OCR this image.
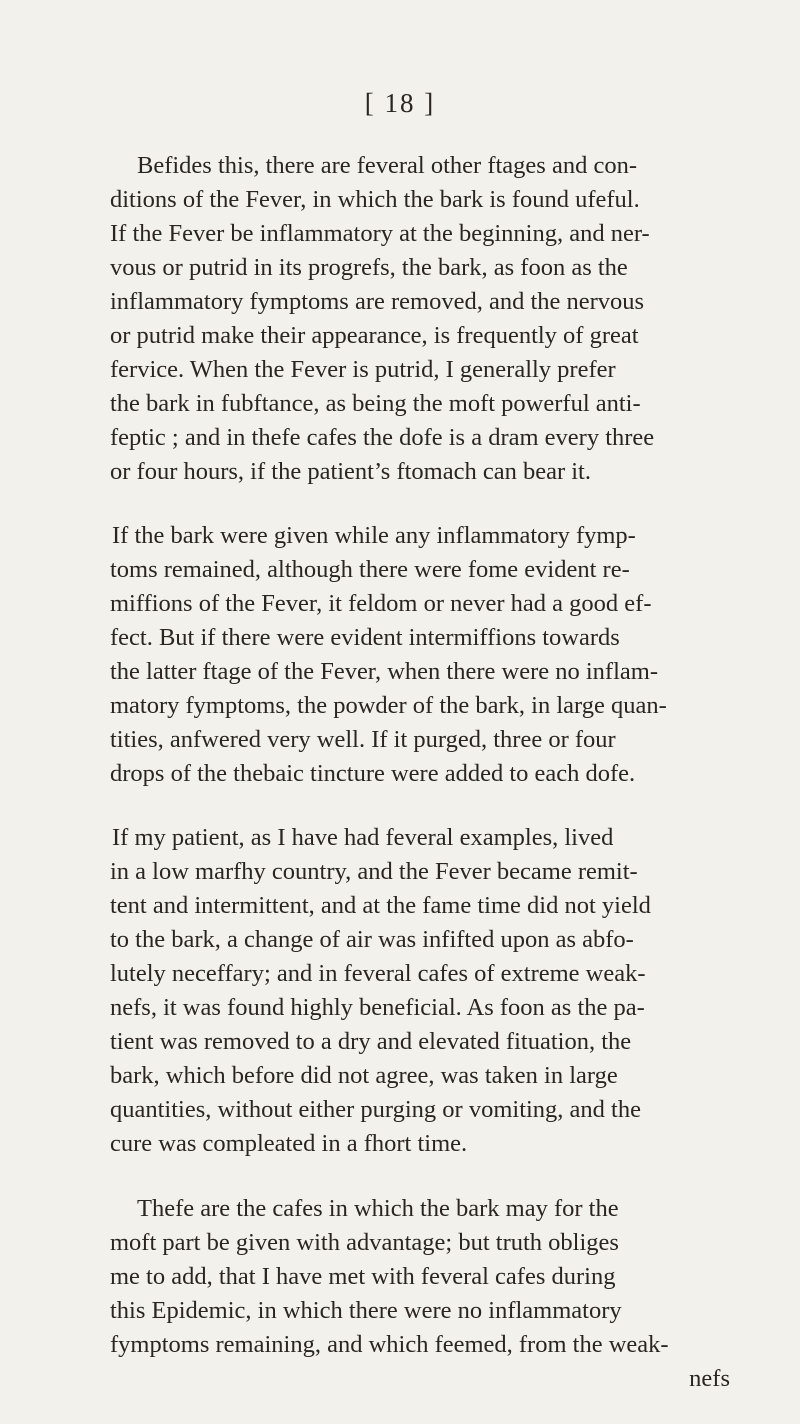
[ 18 ]
Befides this, there are feveral other ftages and con-
ditions of the Fever, in which the bark is found ufeful.
If the Fever be inflammatory at the beginning, and ner-
vous or putrid in its progrefs, the bark, as foon as the
inflammatory fymptoms are removed, and the nervous
or putrid make their appearance, is frequently of great
fervice. When the Fever is putrid, I generally prefer
the bark in fubftance, as being the moft powerful anti-
feptic ; and in thefe cafes the dofe is a dram every three
or four hours, if the patient’s ftomach can bear it.
If the bark were given while any inflammatory fymp-
toms remained, although there were fome evident re-
miffions of the Fever, it feldom or never had a good ef-
fect. But if there were evident intermiffions towards
the latter ftage of the Fever, when there were no inflam-
matory fymptoms, the powder of the bark, in large quan-
tities, anfwered very well. If it purged, three or four
drops of the thebaic tincture were added to each dofe.
If my patient, as I have had feveral examples, lived
in a low marfhy country, and the Fever became remit-
tent and intermittent, and at the fame time did not yield
to the bark, a change of air was infifted upon as abfo-
lutely neceffary; and in feveral cafes of extreme weak-
nefs, it was found highly beneficial. As foon as the pa-
tient was removed to a dry and elevated fituation, the
bark, which before did not agree, was taken in large
quantities, without either purging or vomiting, and the
cure was compleated in a fhort time.
Thefe are the cafes in which the bark may for the
moft part be given with advantage; but truth obliges
me to add, that I have met with feveral cafes during
this Epidemic, in which there were no inflammatory
fymptoms remaining, and which feemed, from the weak-
nefs
